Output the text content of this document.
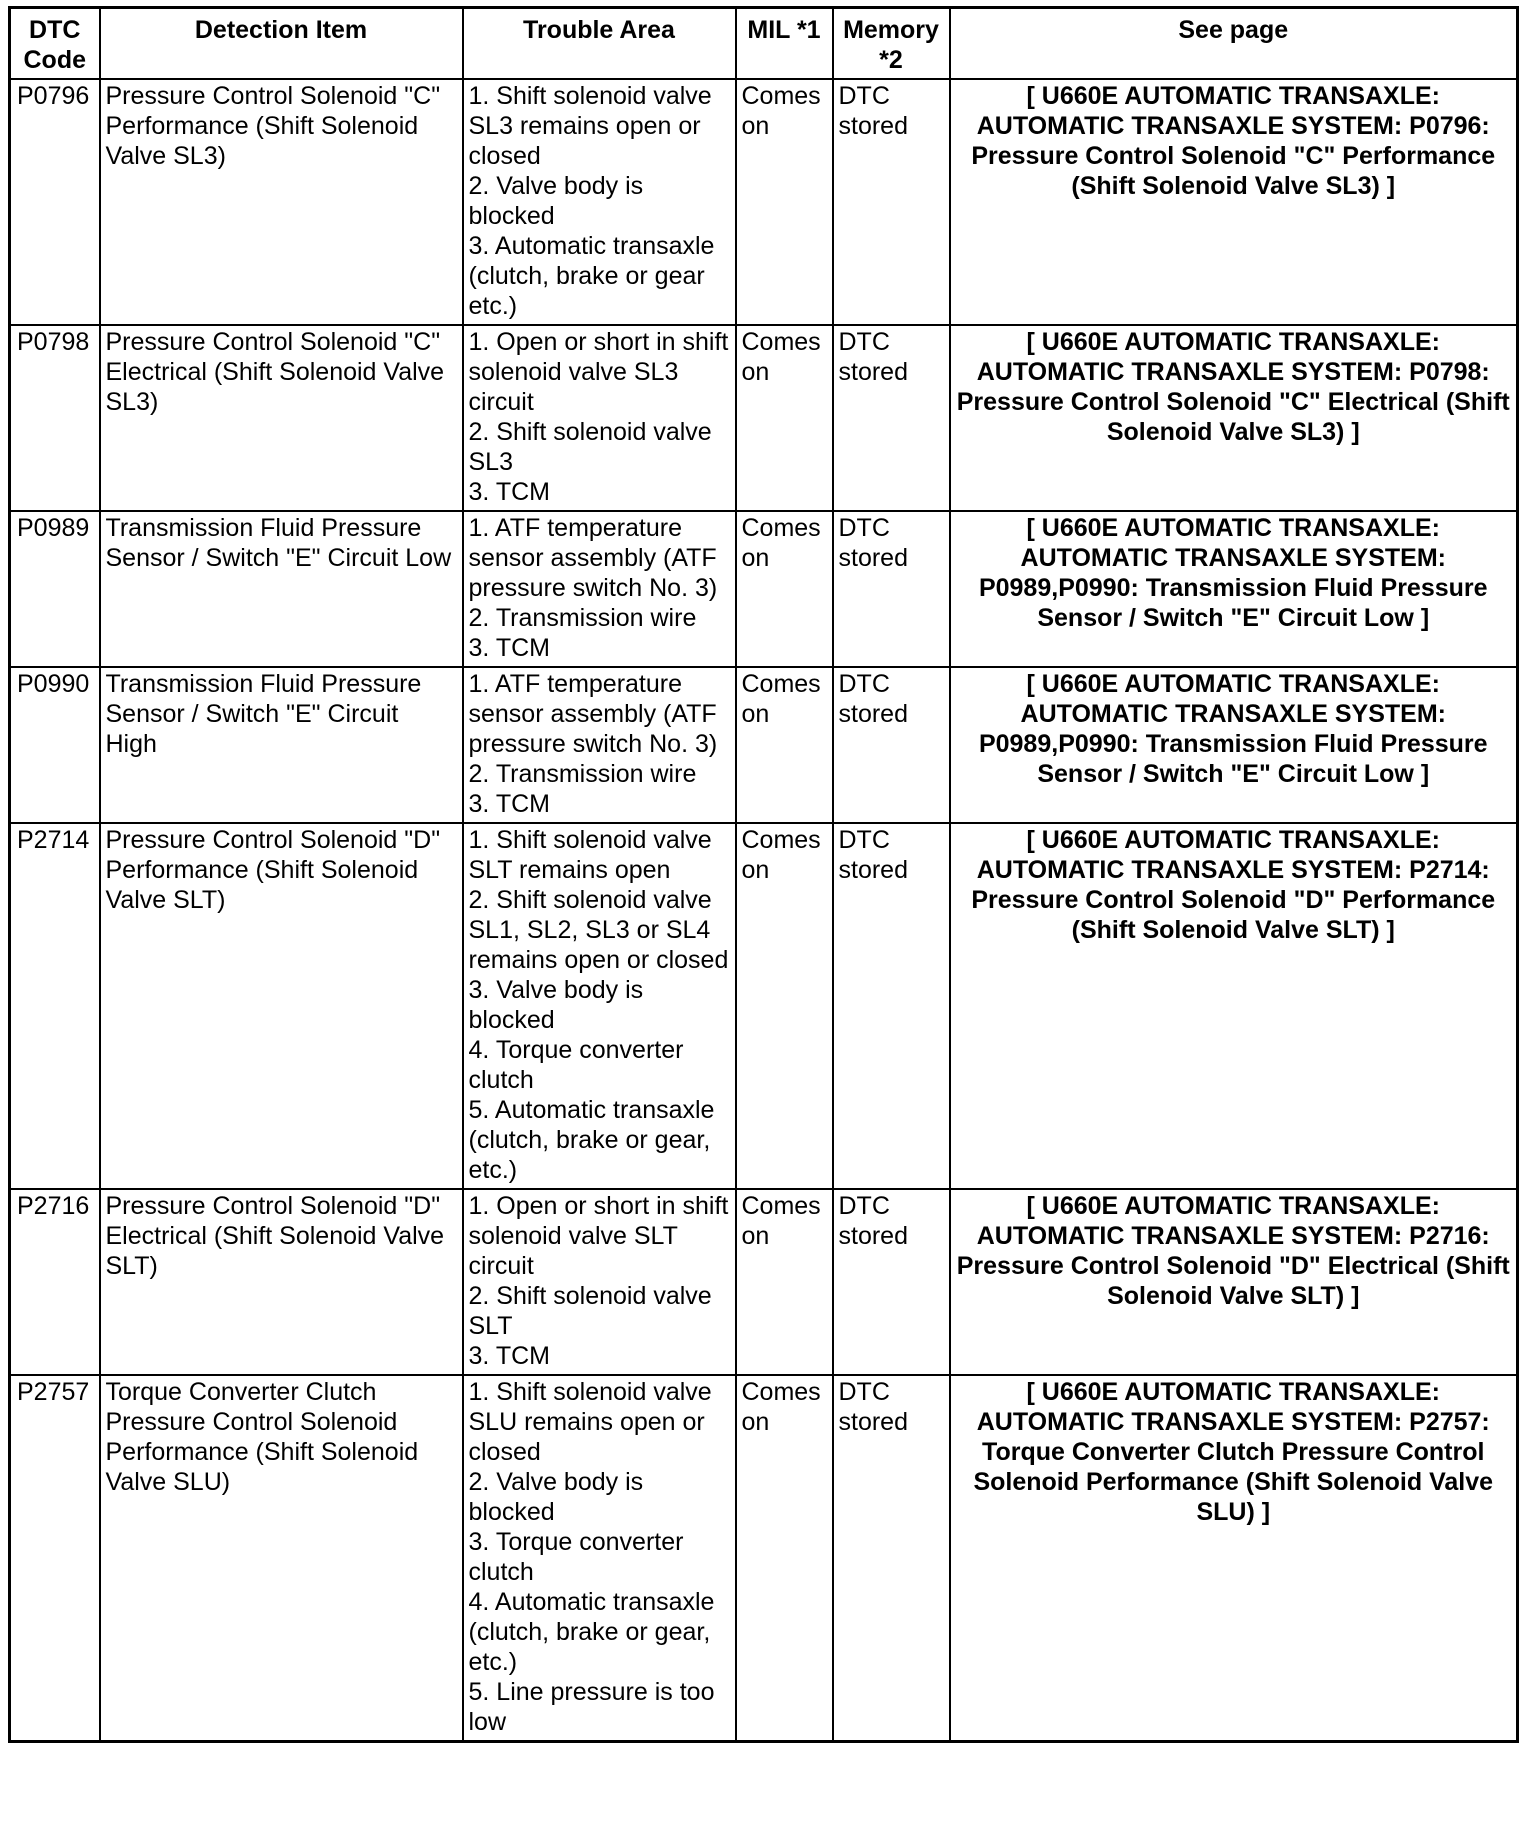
DTC Code	Detection Item	Trouble Area	MIL *1	Memory *2	See page
P0796	Pressure Control Solenoid "C" Performance (Shift Solenoid Valve SL3)	1. Shift solenoid valve SL3 remains open or closed
2. Valve body is blocked
3. Automatic transaxle (clutch, brake or gear etc.)	Comes on	DTC stored	[ U660E AUTOMATIC TRANSAXLE: AUTOMATIC TRANSAXLE SYSTEM: P0796: Pressure Control Solenoid "C" Performance (Shift Solenoid Valve SL3) ]
P0798	Pressure Control Solenoid "C" Electrical (Shift Solenoid Valve SL3)	1. Open or short in shift solenoid valve SL3 circuit
2. Shift solenoid valve SL3
3. TCM	Comes on	DTC stored	[ U660E AUTOMATIC TRANSAXLE: AUTOMATIC TRANSAXLE SYSTEM: P0798: Pressure Control Solenoid "C" Electrical (Shift Solenoid Valve SL3) ]
P0989	Transmission Fluid Pressure Sensor / Switch "E" Circuit Low	1. ATF temperature sensor assembly (ATF pressure switch No. 3)
2. Transmission wire
3. TCM	Comes on	DTC stored	[ U660E AUTOMATIC TRANSAXLE: AUTOMATIC TRANSAXLE SYSTEM: P0989,P0990: Transmission Fluid Pressure Sensor / Switch "E" Circuit Low ]
P0990	Transmission Fluid Pressure Sensor / Switch "E" Circuit High	1. ATF temperature sensor assembly (ATF pressure switch No. 3)
2. Transmission wire
3. TCM	Comes on	DTC stored	[ U660E AUTOMATIC TRANSAXLE: AUTOMATIC TRANSAXLE SYSTEM: P0989,P0990: Transmission Fluid Pressure Sensor / Switch "E" Circuit Low ]
P2714	Pressure Control Solenoid "D" Performance (Shift Solenoid Valve SLT)	1. Shift solenoid valve SLT remains open
2. Shift solenoid valve SL1, SL2, SL3 or SL4 remains open or closed
3. Valve body is blocked
4. Torque converter clutch
5. Automatic transaxle (clutch, brake or gear, etc.)	Comes on	DTC stored	[ U660E AUTOMATIC TRANSAXLE: AUTOMATIC TRANSAXLE SYSTEM: P2714: Pressure Control Solenoid "D" Performance (Shift Solenoid Valve SLT) ]
P2716	Pressure Control Solenoid "D" Electrical (Shift Solenoid Valve SLT)	1. Open or short in shift solenoid valve SLT circuit
2. Shift solenoid valve SLT
3. TCM	Comes on	DTC stored	[ U660E AUTOMATIC TRANSAXLE: AUTOMATIC TRANSAXLE SYSTEM: P2716: Pressure Control Solenoid "D" Electrical (Shift Solenoid Valve SLT) ]
P2757	Torque Converter Clutch Pressure Control Solenoid Performance (Shift Solenoid Valve SLU)	1. Shift solenoid valve SLU remains open or closed
2. Valve body is blocked
3. Torque converter clutch
4. Automatic transaxle (clutch, brake or gear, etc.)
5. Line pressure is too low	Comes on	DTC stored	[ U660E AUTOMATIC TRANSAXLE: AUTOMATIC TRANSAXLE SYSTEM: P2757: Torque Converter Clutch Pressure Control Solenoid Performance (Shift Solenoid Valve SLU) ]
